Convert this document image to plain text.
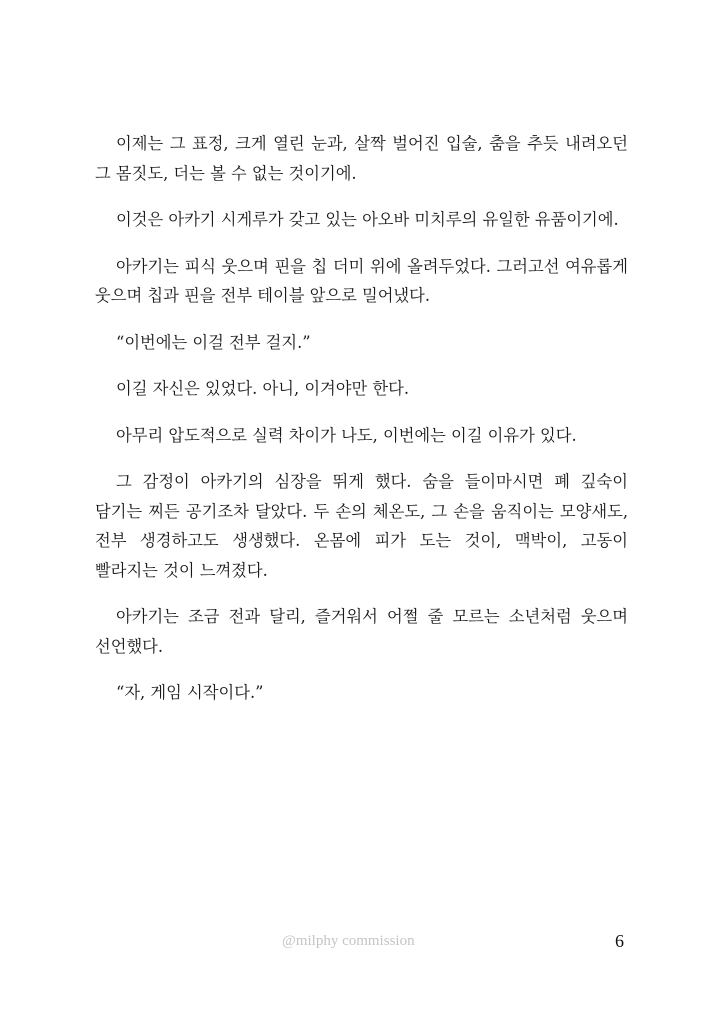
이제는 그 표정, 크게 열린 눈과, 살짝 벌어진 입술, 춤을 추듯 내려오던 그 몸짓도, 더는 볼 수 없는 것이기에.

이것은 아카기 시게루가 갖고 있는 아오바 미치루의 유일한 유품이기에.

아카기는 피식 웃으며 핀을 칩 더미 위에 올려두었다. 그러고선 여유롭게 웃으며 칩과 핀을 전부 테이블 앞으로 밀어냈다.

“이번에는 이걸 전부 걸지.”

이길 자신은 있었다. 아니, 이겨야만 한다.

아무리 압도적으로 실력 차이가 나도, 이번에는 이길 이유가 있다.

그 감정이 아카기의 심장을 뛰게 했다. 숨을 들이마시면 폐 깊숙이 담기는 찌든 공기조차 달았다. 두 손의 체온도, 그 손을 움직이는 모양새도, 전부 생경하고도 생생했다. 온몸에 피가 도는 것이, 맥박이, 고동이 빨라지는 것이 느껴졌다.

아카기는 조금 전과 달리, 즐거워서 어쩔 줄 모르는 소년처럼 웃으며 선언했다.

“자, 게임 시작이다.”

@milphy commission	6
